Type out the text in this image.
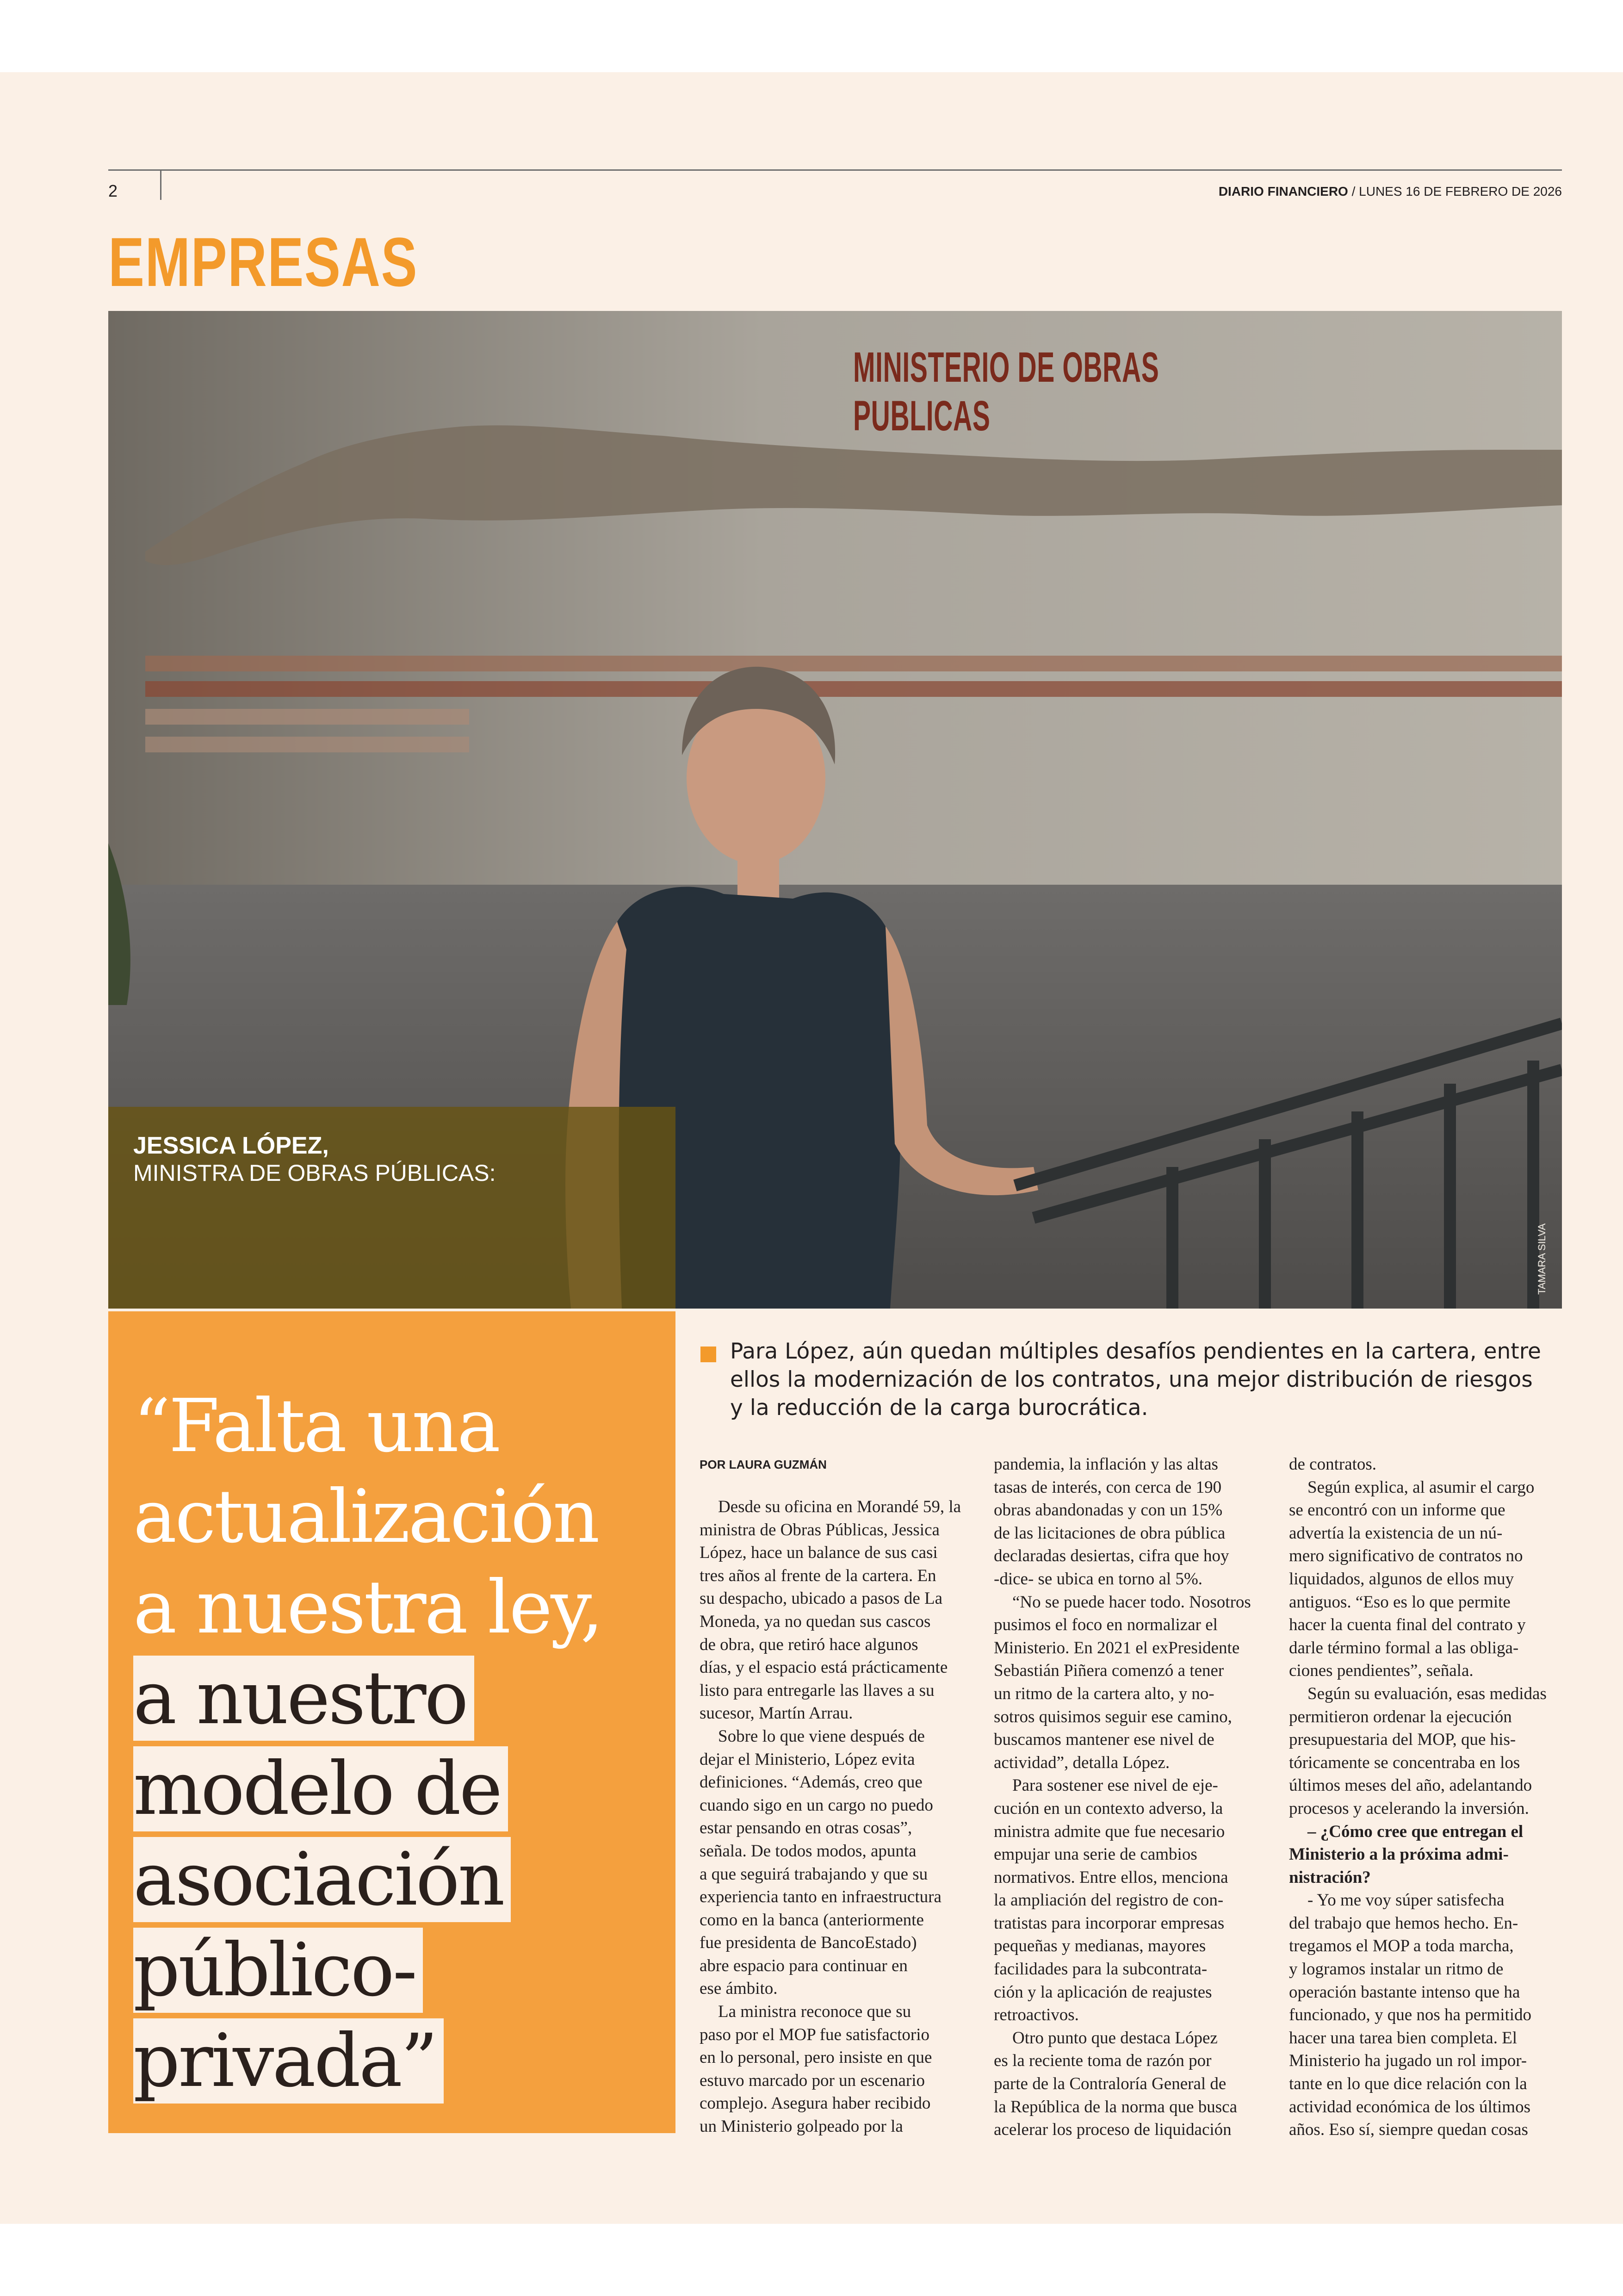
2	DIARIO FINANCIERO / LUNES 16 DE FEBRERO DE 2026
EMPRESAS
MINISTERIO DE OBRAS PUBLICAS
TAMARA SILVA
JESSICA LÓPEZ,
MINISTRA DE OBRAS PÚBLICAS:
“Falta una
actualización
a nuestra ley,
a nuestro
modelo de
asociación
público-
privada”
Para López, aún quedan múltiples desafíos pendientes en la cartera, entre
ellos la modernización de los contratos, una mejor distribución de riesgos
y la reducción de la carga burocrática.
POR LAURA GUZMÁN
Desde su oficina en Morandé 59, la
ministra de Obras Públicas, Jessica
López, hace un balance de sus casi
tres años al frente de la cartera. En
su despacho, ubicado a pasos de La
Moneda, ya no quedan sus cascos
de obra, que retiró hace algunos
días, y el espacio está prácticamente
listo para entregarle las llaves a su
sucesor, Martín Arrau.
Sobre lo que viene después de
dejar el Ministerio, López evita
definiciones. “Además, creo que
cuando sigo en un cargo no puedo
estar pensando en otras cosas”,
señala. De todos modos, apunta
a que seguirá trabajando y que su
experiencia tanto en infraestructura
como en la banca (anteriormente
fue presidenta de BancoEstado)
abre espacio para continuar en
ese ámbito.
La ministra reconoce que su
paso por el MOP fue satisfactorio
en lo personal, pero insiste en que
estuvo marcado por un escenario
complejo. Asegura haber recibido
un Ministerio golpeado por la
pandemia, la inflación y las altas
tasas de interés, con cerca de 190
obras abandonadas y con un 15%
de las licitaciones de obra pública
declaradas desiertas, cifra que hoy
-dice- se ubica en torno al 5%.
“No se puede hacer todo. Nosotros
pusimos el foco en normalizar el
Ministerio. En 2021 el exPresidente
Sebastián Piñera comenzó a tener
un ritmo de la cartera alto, y no-
sotros quisimos seguir ese camino,
buscamos mantener ese nivel de
actividad”, detalla López.
Para sostener ese nivel de eje-
cución en un contexto adverso, la
ministra admite que fue necesario
empujar una serie de cambios
normativos. Entre ellos, menciona
la ampliación del registro de con-
tratistas para incorporar empresas
pequeñas y medianas, mayores
facilidades para la subcontrata-
ción y la aplicación de reajustes
retroactivos.
Otro punto que destaca López
es la reciente toma de razón por
parte de la Contraloría General de
la República de la norma que busca
acelerar los proceso de liquidación
de contratos.
Según explica, al asumir el cargo
se encontró con un informe que
advertía la existencia de un nú-
mero significativo de contratos no
liquidados, algunos de ellos muy
antiguos. “Eso es lo que permite
hacer la cuenta final del contrato y
darle término formal a las obliga-
ciones pendientes”, señala.
Según su evaluación, esas medidas
permitieron ordenar la ejecución
presupuestaria del MOP, que his-
tóricamente se concentraba en los
últimos meses del año, adelantando
procesos y acelerando la inversión.
– ¿Cómo cree que entregan el
Ministerio a la próxima admi-
nistración?
- Yo me voy súper satisfecha
del trabajo que hemos hecho. En-
tregamos el MOP a toda marcha,
y logramos instalar un ritmo de
operación bastante intenso que ha
funcionado, y que nos ha permitido
hacer una tarea bien completa. El
Ministerio ha jugado un rol impor-
tante en lo que dice relación con la
actividad económica de los últimos
años. Eso sí, siempre quedan cosas
